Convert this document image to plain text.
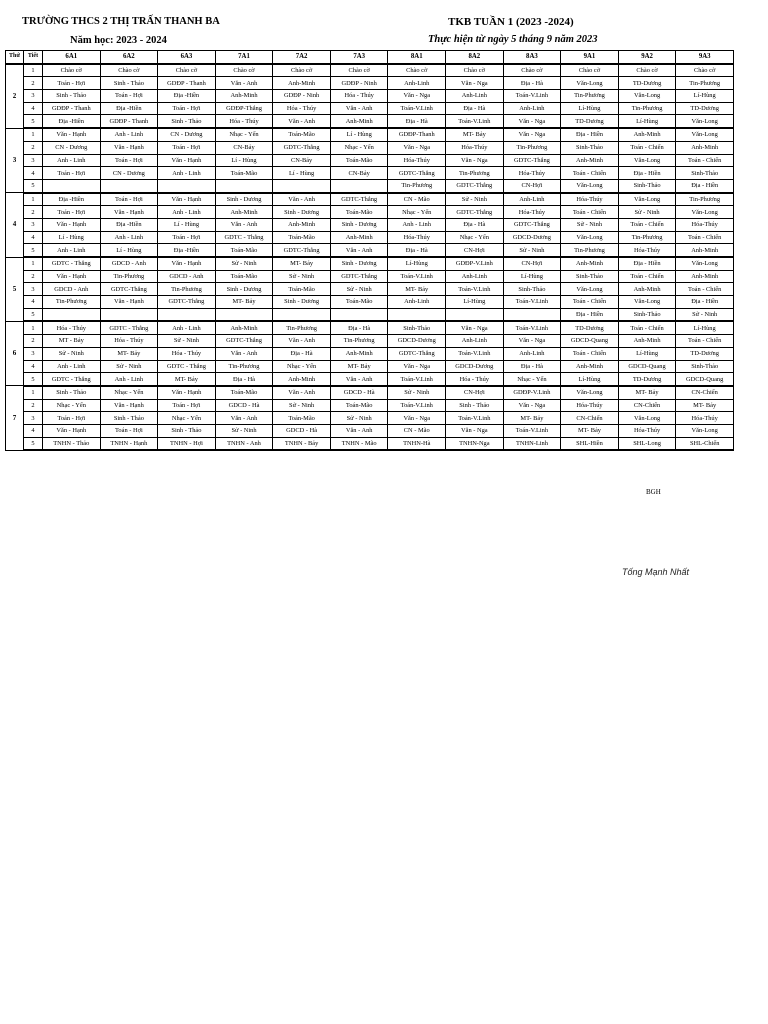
TRƯỜNG THCS 2 THỊ TRẤN THANH BA
Năm học: 2023 - 2024
TKB TUẦN 1 (2023 -2024)
Thực hiện từ ngày 5 tháng 9 năm 2023
Thứ	Tiết	6A1	6A2	6A3	7A1	7A2	7A3	8A1	8A2	8A3	9A1	9A2	9A3
2	1	Chào cờ	Chào cờ	Chào cờ	Chào cờ	Chào cờ	Chào cờ	Chào cờ	Chào cờ	Chào cờ	Chào cờ	Chào cờ	Chào cờ
	2	Toán - Hợi	Sinh - Thảo	GDĐP - Thanh	Văn - Anh	Anh-Minh	GDĐP - Ninh	Anh-Linh	Văn - Nga	Địa - Hà	Văn-Long	TD-Dương	Tin-Phương
	3	Sinh - Thảo	Toán - Hợi	Địa -Hiền	Anh-Minh	GDĐP - Ninh	Hóa - Thúy	Văn - Nga	Anh-Linh	Toán-V.Linh	Tin-Phương	Văn-Long	Lí-Hùng
	4	GDĐP - Thanh	Địa -Hiền	Toán - Hợi	GDĐP-Thắng	Hóa - Thúy	Văn - Anh	Toán-V.Linh	Địa - Hà	Anh-Linh	Lí-Hùng	Tin-Phương	TD-Dương
	5	Địa -Hiền	GDĐP - Thanh	Sinh - Thảo	Hóa - Thúy	Văn - Anh	Anh-Minh	Địa - Hà	Toán-V.Linh	Văn - Nga	TD-Dương	Lí-Hùng	Văn-Long
3	1	Văn - Hạnh	Anh - Linh	CN - Dương	Nhạc - Yến	Toán-Mão	Lí - Hùng	GDĐP-Thanh	MT- Bảy	Văn - Nga	Địa - Hiền	Anh-Minh	Văn-Long
	2	CN - Dương	Văn - Hạnh	Toán - Hợi	CN-Bảy	GDTC-Thắng	Nhạc - Yến	Văn - Nga	Hóa-Thúy	Tin-Phương	Sinh-Thảo	Toán - Chiến	Anh-Minh
	3	Anh - Linh	Toán - Hợi	Văn - Hạnh	Lí - Hùng	CN-Bảy	Toán-Mão	Hóa-Thúy	Văn - Nga	GDTC-Thắng	Anh-Minh	Văn-Long	Toán - Chiến
	4	Toán - Hợi	CN - Dương	Anh - Linh	Toán-Mão	Lí - Hùng	CN-Bảy	GDTC-Thắng	Tin-Phương	Hóa-Thúy	Toán - Chiến	Địa - Hiền	Sinh-Thảo
	5							Tin-Phương	GDTC-Thắng	CN-Hợi	Văn-Long	Sinh-Thảo	Địa - Hiền
4	1	Địa -Hiền	Toán - Hợi	Văn - Hạnh	Sinh - Dương	Văn - Anh	GDTC-Thắng	CN - Mão	Sử - Ninh	Anh-Linh	Hóa-Thúy	Văn-Long	Tin-Phương
	2	Toán - Hợi	Văn - Hạnh	Anh - Linh	Anh-Minh	Sinh - Dương	Toán-Mão	Nhạc - Yến	GDTC-Thắng	Hóa-Thúy	Toán - Chiến	Sử - Ninh	Văn-Long
	3	Văn - Hạnh	Địa -Hiền	Lí - Hùng	Văn - Anh	Anh-Minh	Sinh - Dương	Anh - Linh	Địa - Hà	GDTC-Thắng	Sử - Ninh	Toán - Chiến	Hóa-Thúy
	4	Lí - Hùng	Anh - Linh	Toán - Hợi	GDTC - Thắng	Toán-Mão	Anh-Minh	Hóa-Thúy	Nhạc - Yến	GDCD-Dương	Văn-Long	Tin-Phương	Toán - Chiến
	5	Anh - Linh	Lí - Hùng	Địa -Hiền	Toán-Mão	GDTC-Thắng	Văn - Anh	Địa - Hà	CN-Hợi	Sử - Ninh	Tin-Phương	Hóa-Thúy	Anh-Minh
5	1	GDTC - Thắng	GDCD - Anh	Văn - Hạnh	Sử - Ninh	MT- Bảy	Sinh - Dương	Lí-Hùng	GDĐP-V.Linh	CN-Hợi	Anh-Minh	Địa - Hiền	Văn-Long
	2	Văn - Hạnh	Tin-Phương	GDCD - Anh	Toán-Mão	Sử - Ninh	GDTC-Thắng	Toán-V.Linh	Anh-Linh	Lí-Hùng	Sinh-Thảo	Toán - Chiến	Anh-Minh
	3	GDCD - Anh	GDTC-Thắng	Tin-Phương	Sinh - Dương	Toán-Mão	Sử - Ninh	MT- Bảy	Toán-V.Linh	Sinh-Thảo	Văn-Long	Anh-Minh	Toán - Chiến
	4	Tin-Phương	Văn - Hạnh	GDTC-Thắng	MT- Bảy	Sinh - Dương	Toán-Mão	Anh-Linh	Lí-Hùng	Toán-V.Linh	Toán - Chiến	Văn-Long	Địa - Hiền
	5										Địa - Hiền	Sinh-Thảo	Sử - Ninh
6	1	Hóa - Thúy	GDTC - Thắng	Anh - Linh	Anh-Minh	Tin-Phương	Địa - Hà	Sinh-Thảo	Văn - Nga	Toán-V.Linh	TD-Dương	Toán - Chiến	Lí-Hùng
	2	MT - Bảy	Hóa - Thúy	Sử - Ninh	GDTC-Thắng	Văn - Anh	Tin-Phương	GDCD-Dương	Anh-Linh	Văn - Nga	GDCD-Quang	Anh-Minh	Toán - Chiến
	3	Sử - Ninh	MT- Bảy	Hóa - Thúy	Văn - Anh	Địa - Hà	Anh-Minh	GDTC-Thắng	Toán-V.Linh	Anh-Linh	Toán - Chiến	Lí-Hùng	TD-Dương
	4	Anh - Linh	Sử - Ninh	GDTC - Thắng	Tin-Phương	Nhạc - Yến	MT- Bảy	Văn - Nga	GDCD-Dương	Địa - Hà	Anh-Minh	GDCD-Quang	Sinh-Thảo
	5	GDTC - Thắng	Anh - Linh	MT- Bảy	Địa - Hà	Anh-Minh	Văn - Anh	Toán-V.Linh	Hóa - Thúy	Nhạc - Yến	Lí-Hùng	TD-Dương	GDCD-Quang
7	1	Sinh - Thảo	Nhạc - Yến	Văn - Hạnh	Toán-Mão	Văn - Anh	GDCD - Hà	Sử - Ninh	CN-Hợi	GDĐP-V.Linh	Văn-Long	MT- Bảy	CN-Chiến
	2	Nhạc - Yến	Văn - Hạnh	Toán - Hợi	GDCD - Hà	Sử - Ninh	Toán-Mão	Toán-V.Linh	Sinh - Thảo	Văn - Nga	Hóa-Thúy	CN-Chiến	MT- Bảy
	3	Toán - Hợi	Sinh - Thảo	Nhạc - Yến	Văn - Anh	Toán-Mão	Sử - Ninh	Văn - Nga	Toán-V.Linh	MT- Bảy	CN-Chiến	Văn-Long	Hóa-Thúy
	4	Văn - Hạnh	Toán - Hợi	Sinh - Thảo	Sử - Ninh	GDCD - Hà	Văn - Anh	CN - Mão	Văn - Nga	Toán-V.Linh	MT- Bảy	Hóa-Thúy	Văn-Long
	5	TNHN - Thảo	TNHN - Hạnh	TNHN - Hợi	TNHN - Anh	TNHN - Bảy	TNHN - Mão	TNHN-Hà	TNHN-Nga	TNHN-Linh	SHL-Hiền	SHL-Long	SHL-Chiến
BGH
Tống Mạnh Nhất
